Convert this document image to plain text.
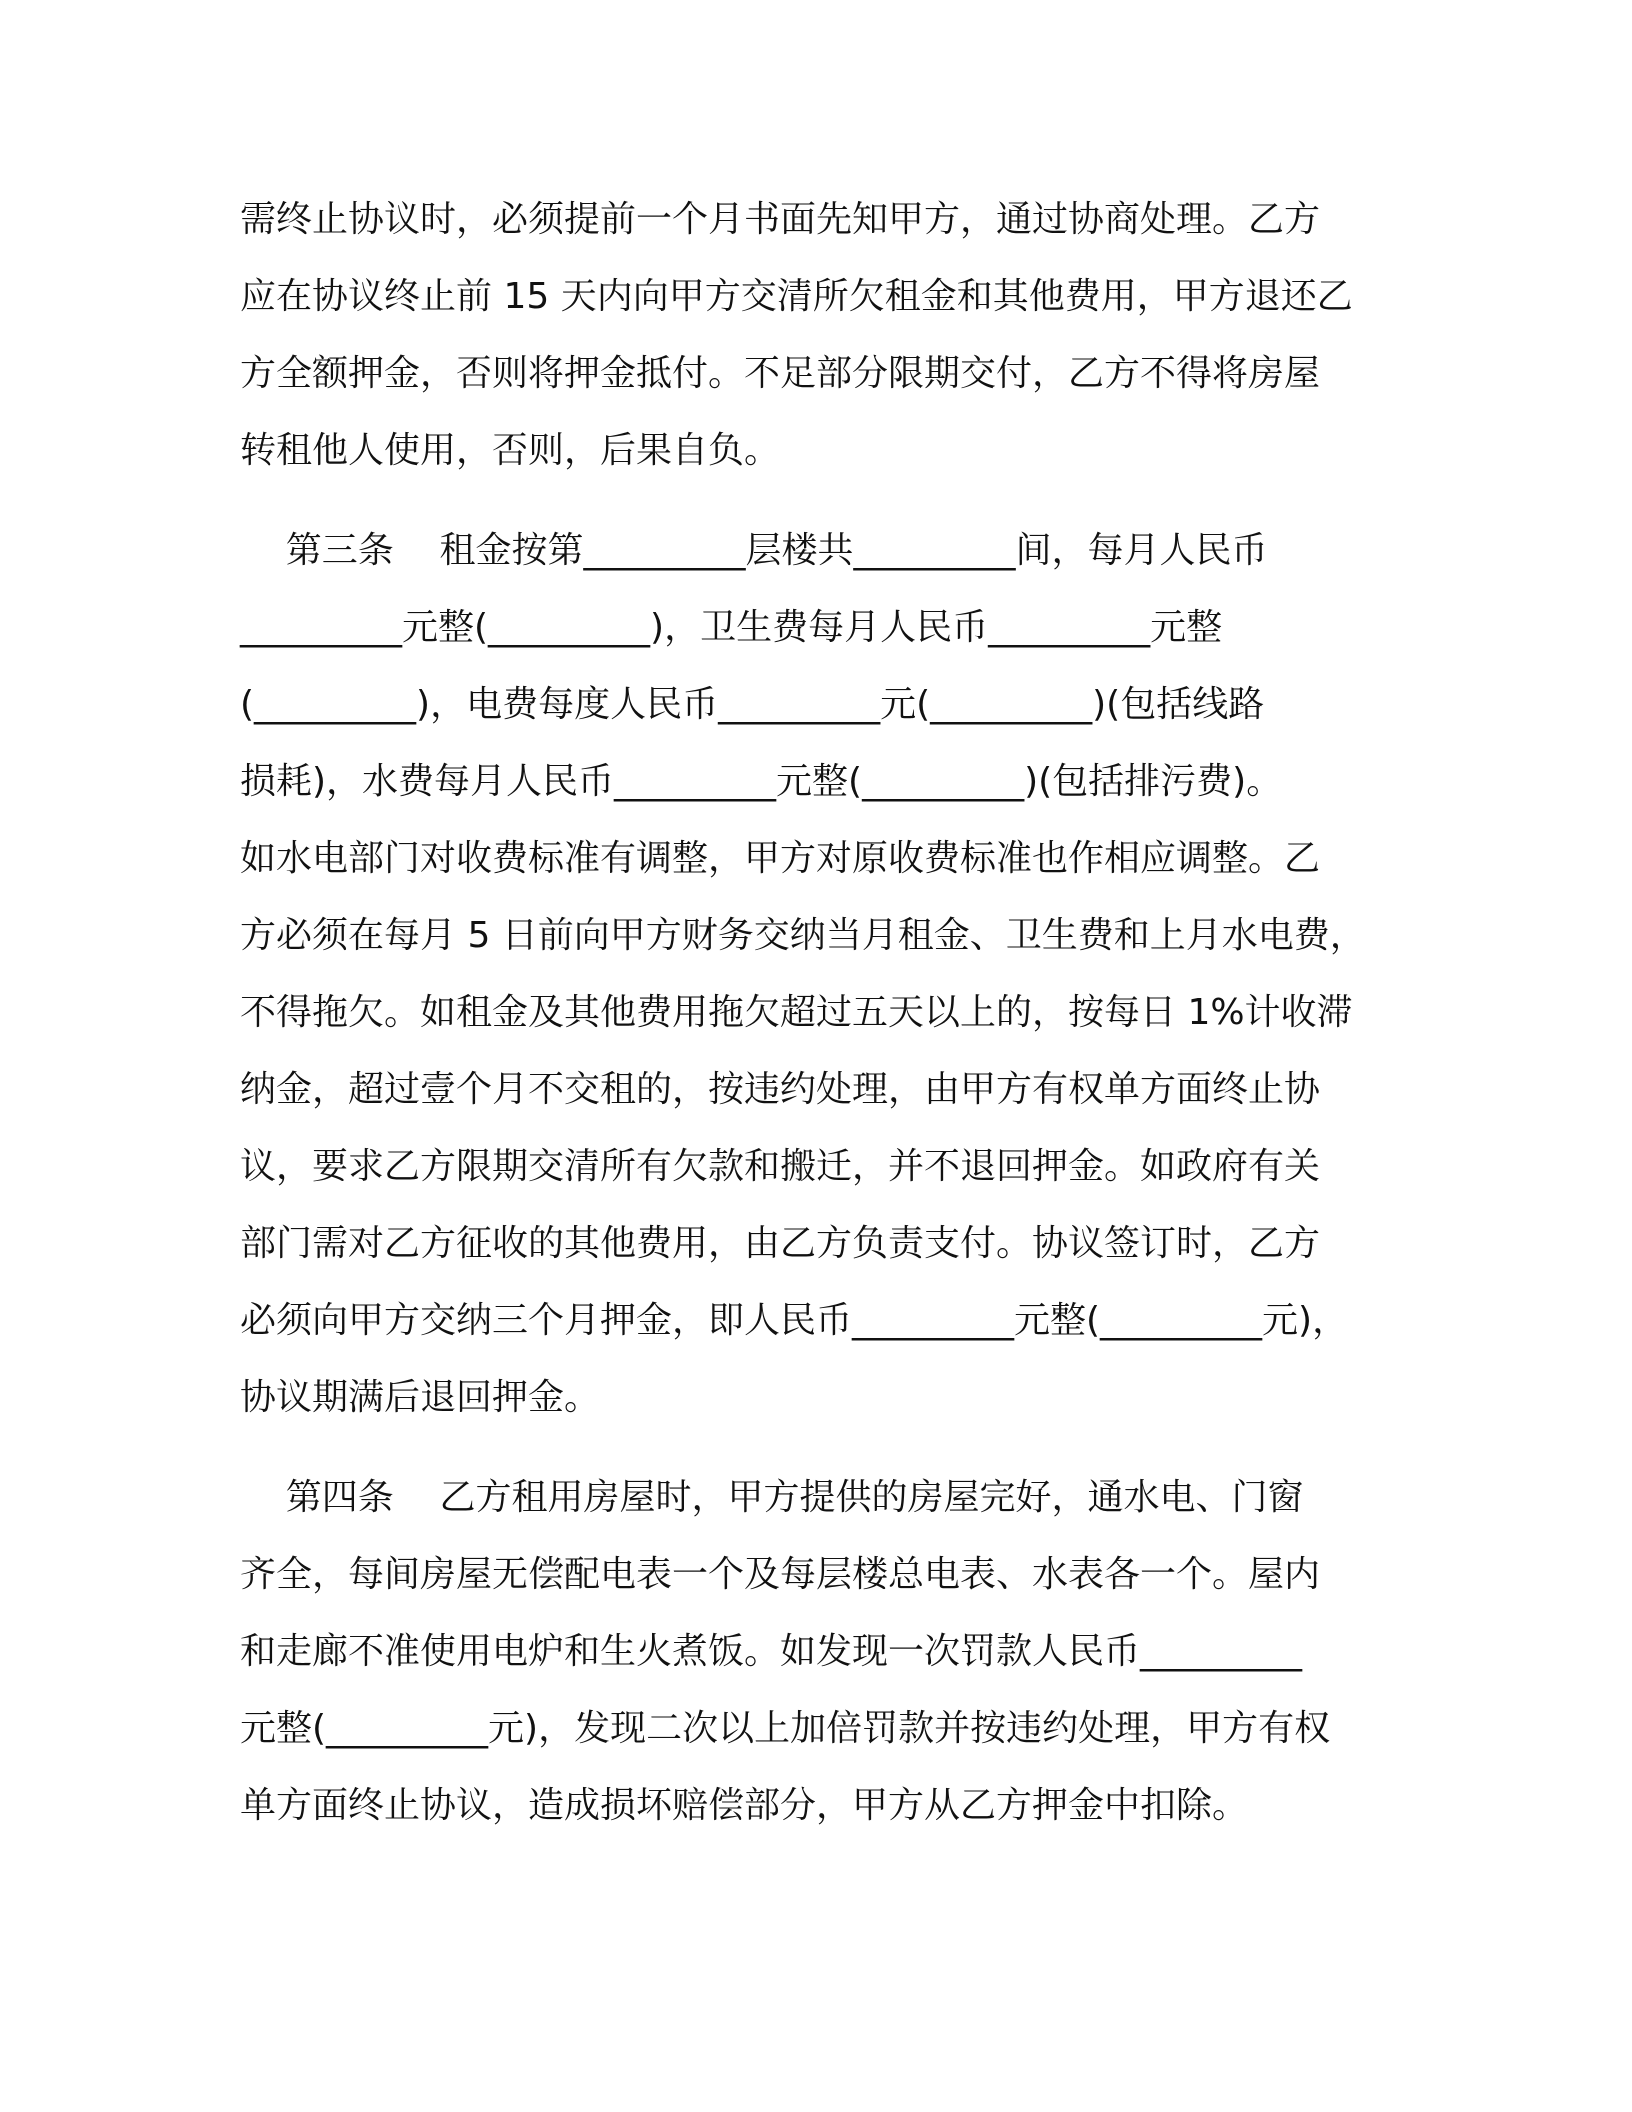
需终止协议时，必须提前一个月书面先知甲方，通过协商处理。乙方
应在协议终止前 15 天内向甲方交清所欠租金和其他费用，甲方退还乙
方全额押金，否则将押金抵付。不足部分限期交付，乙方不得将房屋
转租他人使用，否则，后果自负。
第三条    租金按第_________层楼共_________间，每月人民币
_________元整(_________)，卫生费每月人民币_________元整
(_________)，电费每度人民币_________元(_________)(包括线路
损耗)，水费每月人民币_________元整(_________)(包括排污费)。
如水电部门对收费标准有调整，甲方对原收费标准也作相应调整。乙
方必须在每月 5 日前向甲方财务交纳当月租金、卫生费和上月水电费，
不得拖欠。如租金及其他费用拖欠超过五天以上的，按每日 1%计收滞
纳金，超过壹个月不交租的，按违约处理，由甲方有权单方面终止协
议，要求乙方限期交清所有欠款和搬迁，并不退回押金。如政府有关
部门需对乙方征收的其他费用，由乙方负责支付。协议签订时，乙方
必须向甲方交纳三个月押金，即人民币_________元整(_________元)，
协议期满后退回押金。
第四条    乙方租用房屋时，甲方提供的房屋完好，通水电、门窗
齐全，每间房屋无偿配电表一个及每层楼总电表、水表各一个。屋内
和走廊不准使用电炉和生火煮饭。如发现一次罚款人民币_________
元整(_________元)，发现二次以上加倍罚款并按违约处理，甲方有权
单方面终止协议，造成损坏赔偿部分，甲方从乙方押金中扣除。
